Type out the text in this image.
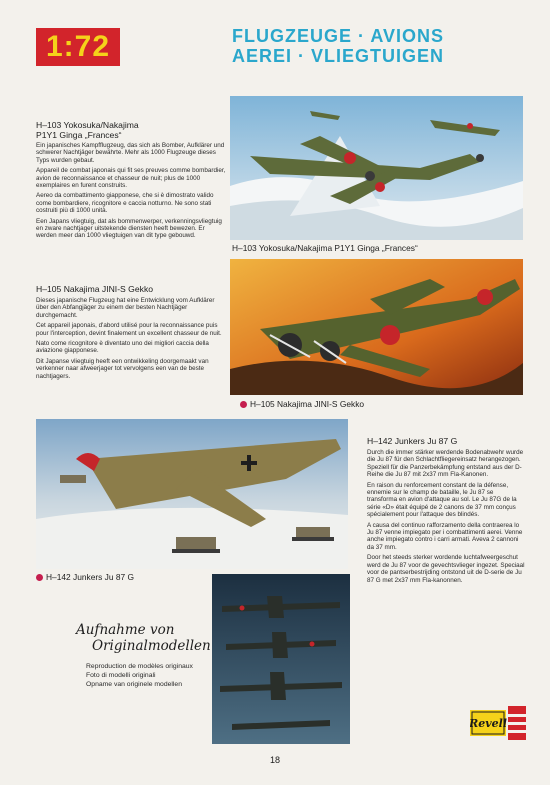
1:72	FLUGZEUGE · AVIONS
AEREI · VLIEGTUIGEN
H–103 Yokosuka/Nakajima
P1Y1 Ginga „Frances“

Ein japanisches Kampfflugzeug, das sich als Bomber, Aufklärer und schwerer Nachtjäger bewährte. Mehr als 1000 Flugzeuge dieses Typs wurden gebaut.

Appareil de combat japonais qui fit ses preuves comme bombardier, avion de reconnaissance et chasseur de nuit; plus de 1000 exemplaires en furent construits.

Aereo da combattimento giapponese, che si è dimostrato valido come bombardiere, ricognitore e caccia notturno. Ne sono stati costruiti più di 1000 unità.

Een Japans vliegtuig, dat als bommenwerper, verkenningsvliegtuig en zware nachtjager uitstekende diensten heeft bewezen. Er werden meer dan 1000 vliegtuigen van dit type gebouwd.

H–103 Yokosuka/Nakajima P1Y1 Ginga „Frances“
H–105 Nakajima JINI-S Gekko

Dieses japanische Flugzeug hat eine Entwicklung vom Aufklärer über den Abfangjäger zu einem der besten Nachtjäger durchgemacht.

Cet appareil japonais, d'abord utilisé pour la reconnaissance puis pour l'interception, devint finalement un excellent chasseur de nuit.

Nato come ricognitore è diventato uno dei migliori caccia della aviazione giapponese.

Dit Japanse vliegtuig heeft een ontwikkeling doorgemaakt van verkenner naar afweerjager tot vervolgens een van de beste nachtjagers.

H–105 Nakajima JINI-S Gekko
H–142 Junkers Ju 87 G
H–142 Junkers Ju 87 G

Durch die immer stärker werdende Bodenabwehr wurde die Ju 87 für den Schlachtfliegereinsatz herangezogen. Speziell für die Panzerbekämpfung entstand aus der D-Reihe die Ju 87 mit 2x37 mm Fla-Kanonen.

En raison du renforcement constant de la défense, ennemie sur le champ de bataille, le Ju 87 se transforma en avion d'attaque au sol. Le Ju 87G de la série «D» était équipé de 2 canons de 37 mm conçus spécialement pour l'attaque des blindés.

A causa del continuo rafforzamento della contraerea lo Ju 87 venne impiegato per i combattimenti aerei. Venne anche impiegato contro i carri armati. Aveva 2 cannoni da 37 mm.

Door het steeds sterker wordende luchtafweergeschut werd de Ju 87 voor de gevechtsvlieger ingezet. Speciaal voor de pantserbestrijding ontstond uit de D-serie de Ju 87 G met 2x37 mm Fla-kanonnen.

Aufnahme von
Originalmodellen
Reproduction de modèles originaux
Foto di modelli originali
Opname van originele modellen
Revell
18
